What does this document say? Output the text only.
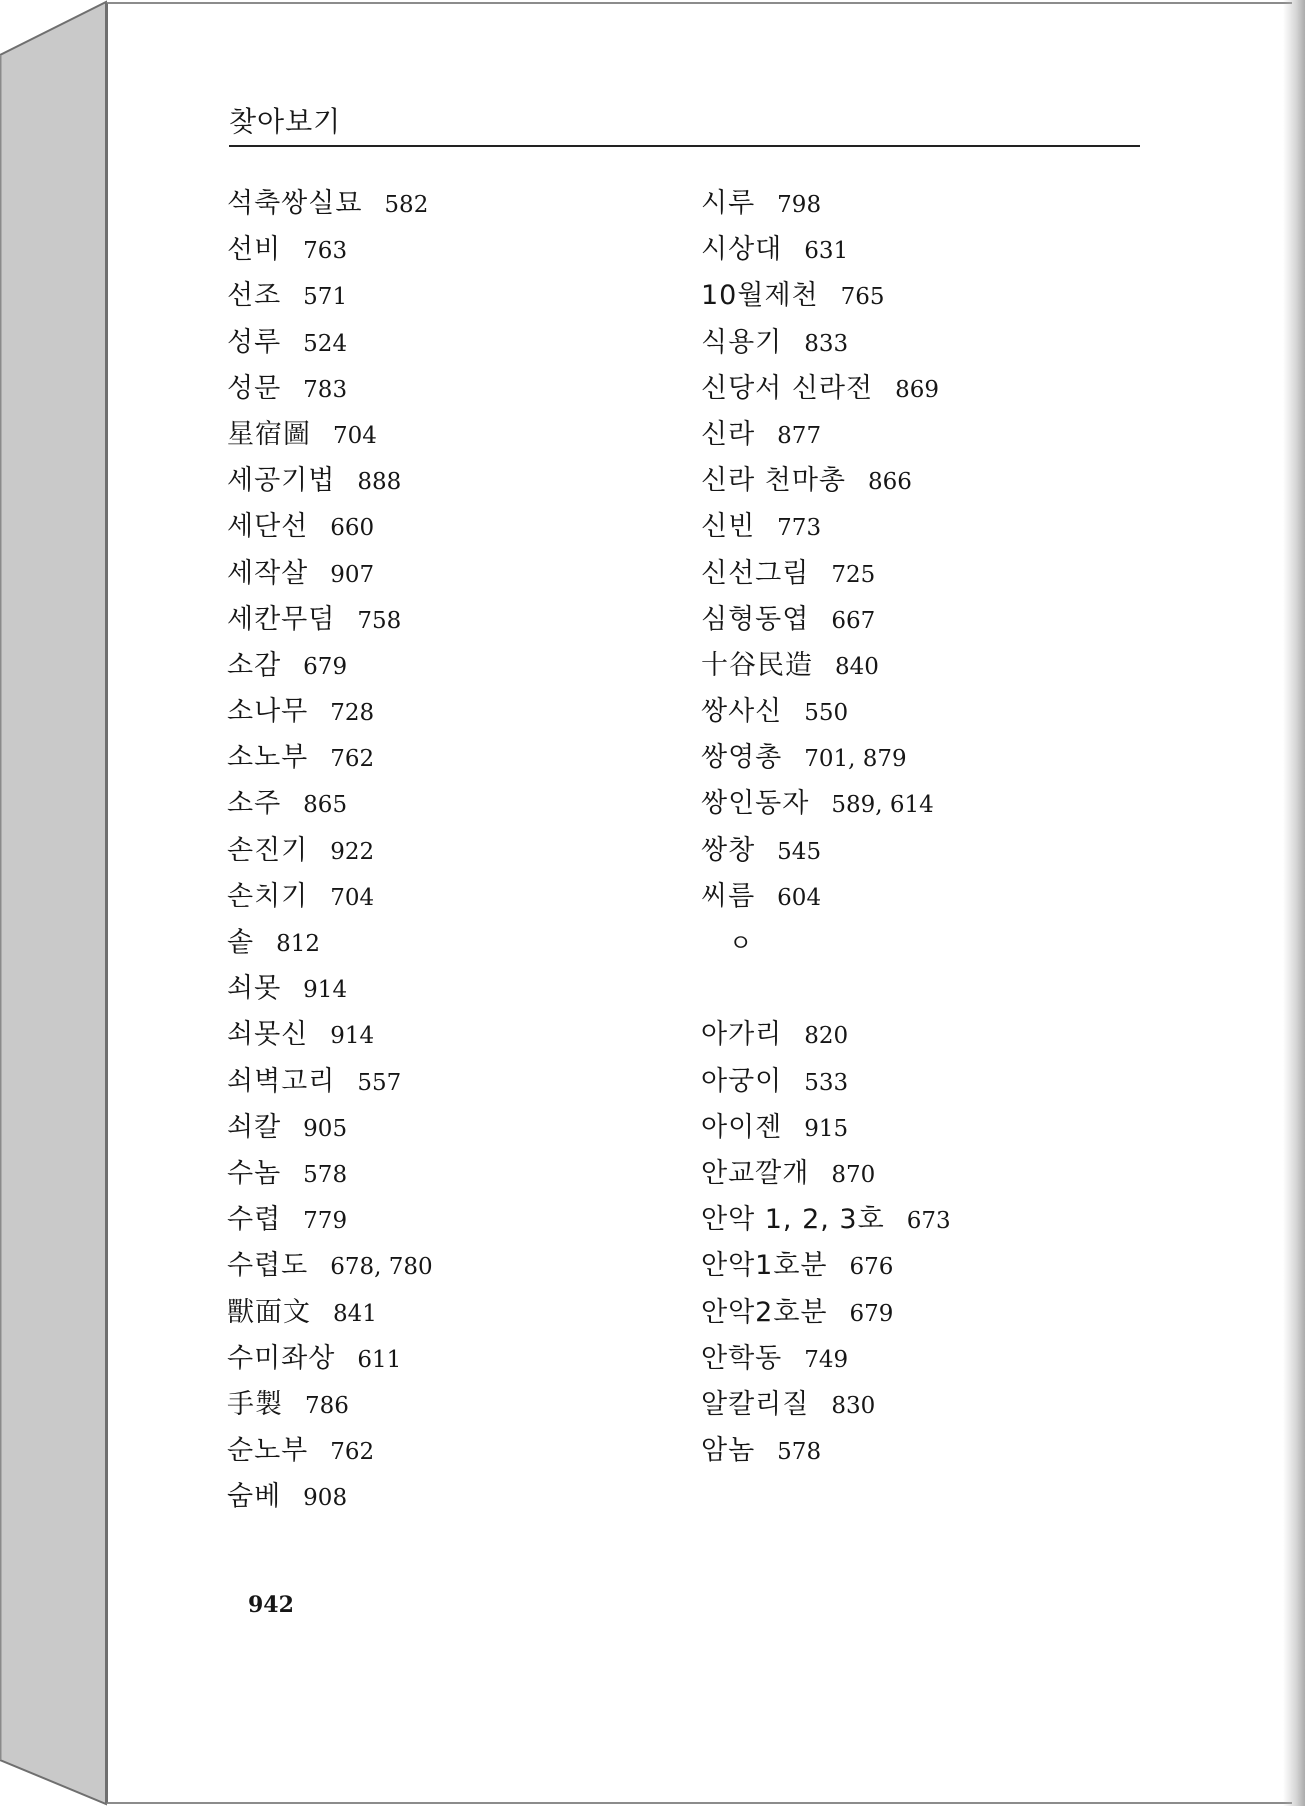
찾아보기
석축쌍실묘 582
선비 763
선조 571
성루 524
성문 783
星宿圖 704
세공기법 888
세단선 660
세작살 907
세칸무덤 758
소감 679
소나무 728
소노부 762
소주 865
손진기 922
손치기 704
솥 812
쇠못 914
쇠못신 914
쇠벽고리 557
쇠칼 905
수놈 578
수렵 779
수렵도 678, 780
獸面文 841
수미좌상 611
手製 786
순노부 762
숨베 908
시루 798
시상대 631
10월제천 765
식용기 833
신당서 신라전 869
신라 877
신라 천마총 866
신빈 773
신선그림 725
심형동엽 667
十谷民造 840
쌍사신 550
쌍영총 701, 879
쌍인동자 589, 614
쌍창 545
씨름 604
ㅇ
아가리 820
아궁이 533
아이젠 915
안교깔개 870
안악 1, 2, 3호 673
안악1호분 676
안악2호분 679
안학동 749
알칼리질 830
암놈 578
942
